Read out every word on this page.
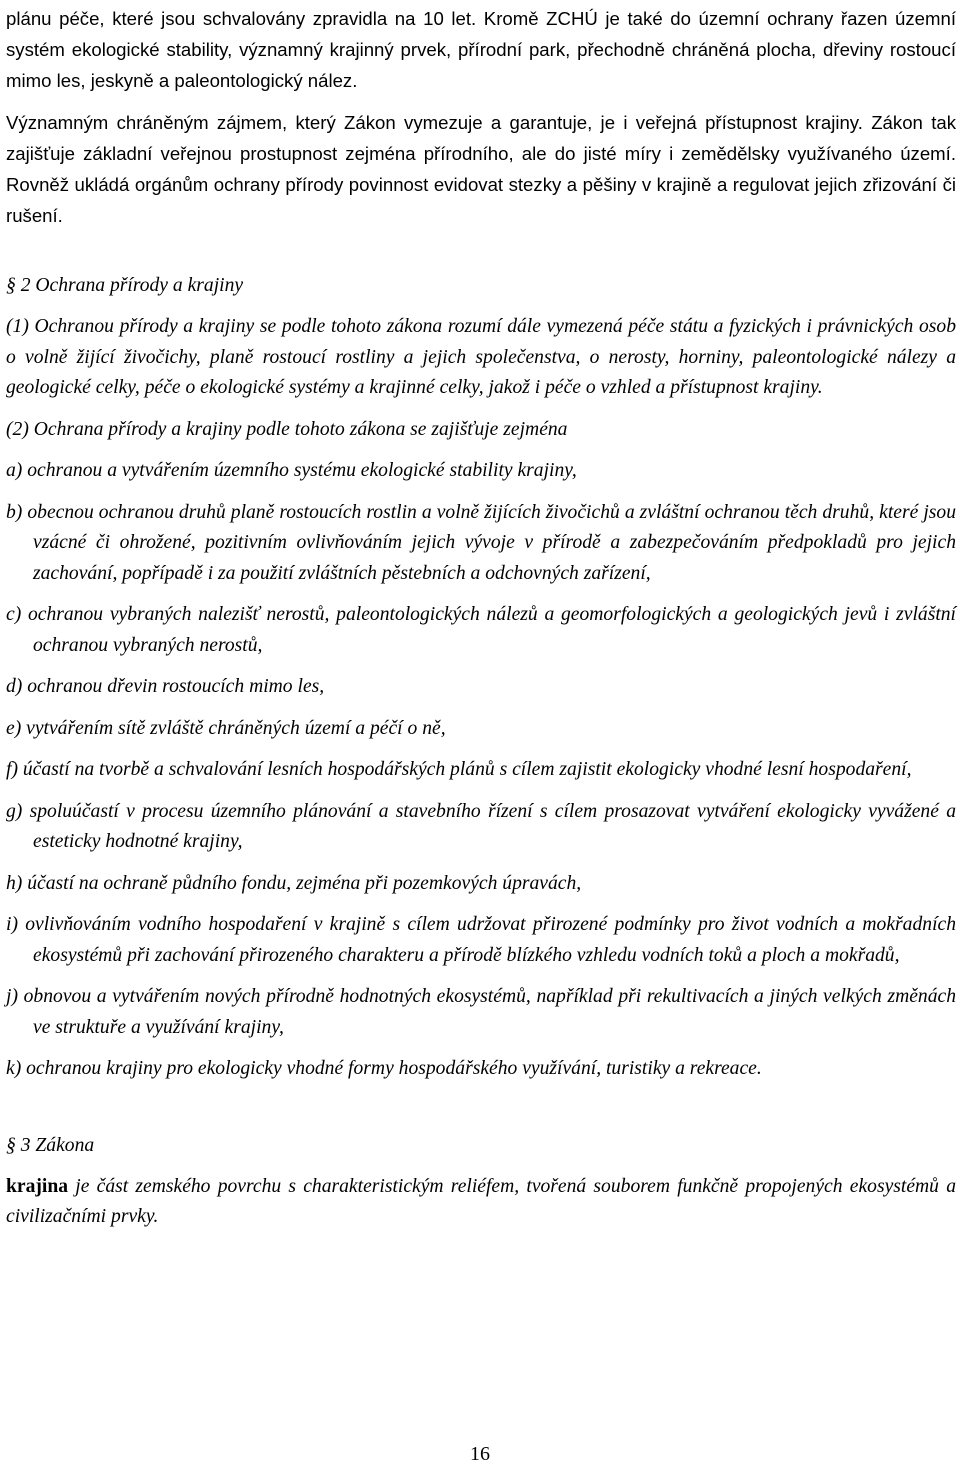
plánu péče, které jsou schvalovány zpravidla na 10 let. Kromě ZCHÚ je také do územní ochrany řazen územní systém ekologické stability, významný krajinný prvek, přírodní park, přechodně chráněná plocha, dřeviny rostoucí mimo les, jeskyně a paleontologický nález.

Významným chráněným zájmem, který Zákon vymezuje a garantuje, je i veřejná přístupnost krajiny. Zákon tak zajišťuje základní veřejnou prostupnost zejména přírodního, ale do jisté míry i zemědělsky využívaného území. Rovněž ukládá orgánům ochrany přírody povinnost evidovat stezky a pěšiny v krajině a regulovat jejich zřizování či rušení.

§ 2 Ochrana přírody a krajiny

(1) Ochranou přírody a krajiny se podle tohoto zákona rozumí dále vymezená péče státu a fyzických i právnických osob o volně žijící živočichy, planě rostoucí rostliny a jejich společenstva, o nerosty, horniny, paleontologické nálezy a geologické celky, péče o ekologické systémy a krajinné celky, jakož i péče o vzhled a přístupnost krajiny.

(2) Ochrana přírody a krajiny podle tohoto zákona se zajišťuje zejména

a) ochranou a vytvářením územního systému ekologické stability krajiny,

b) obecnou ochranou druhů planě rostoucích rostlin a volně žijících živočichů a zvláštní ochranou těch druhů, které jsou vzácné či ohrožené, pozitivním ovlivňováním jejich vývoje v přírodě a zabezpečováním předpokladů pro jejich zachování, popřípadě i za použití zvláštních pěstebních a odchovných zařízení,

c) ochranou vybraných nalezišť nerostů, paleontologických nálezů a geomorfologických a geologických jevů i zvláštní ochranou vybraných nerostů,

d) ochranou dřevin rostoucích mimo les,

e) vytvářením sítě zvláště chráněných území a péčí o ně,

f) účastí na tvorbě a schvalování lesních hospodářských plánů s cílem zajistit ekologicky vhodné lesní hospodaření,

g) spoluúčastí v procesu územního plánování a stavebního řízení s cílem prosazovat vytváření ekologicky vyvážené a esteticky hodnotné krajiny,

h) účastí na ochraně půdního fondu, zejména při pozemkových úpravách,

i) ovlivňováním vodního hospodaření v krajině s cílem udržovat přirozené podmínky pro život vodních a mokřadních ekosystémů při zachování přirozeného charakteru a přírodě blízkého vzhledu vodních toků a ploch a mokřadů,

j) obnovou a vytvářením nových přírodně hodnotných ekosystémů, například při rekultivacích a jiných velkých změnách ve struktuře a využívání krajiny,

k) ochranou krajiny pro ekologicky vhodné formy hospodářského využívání, turistiky a rekreace.

§ 3 Zákona

krajina je část zemského povrchu s charakteristickým reliéfem, tvořená souborem funkčně propojených ekosystémů a civilizačními prvky.

16
